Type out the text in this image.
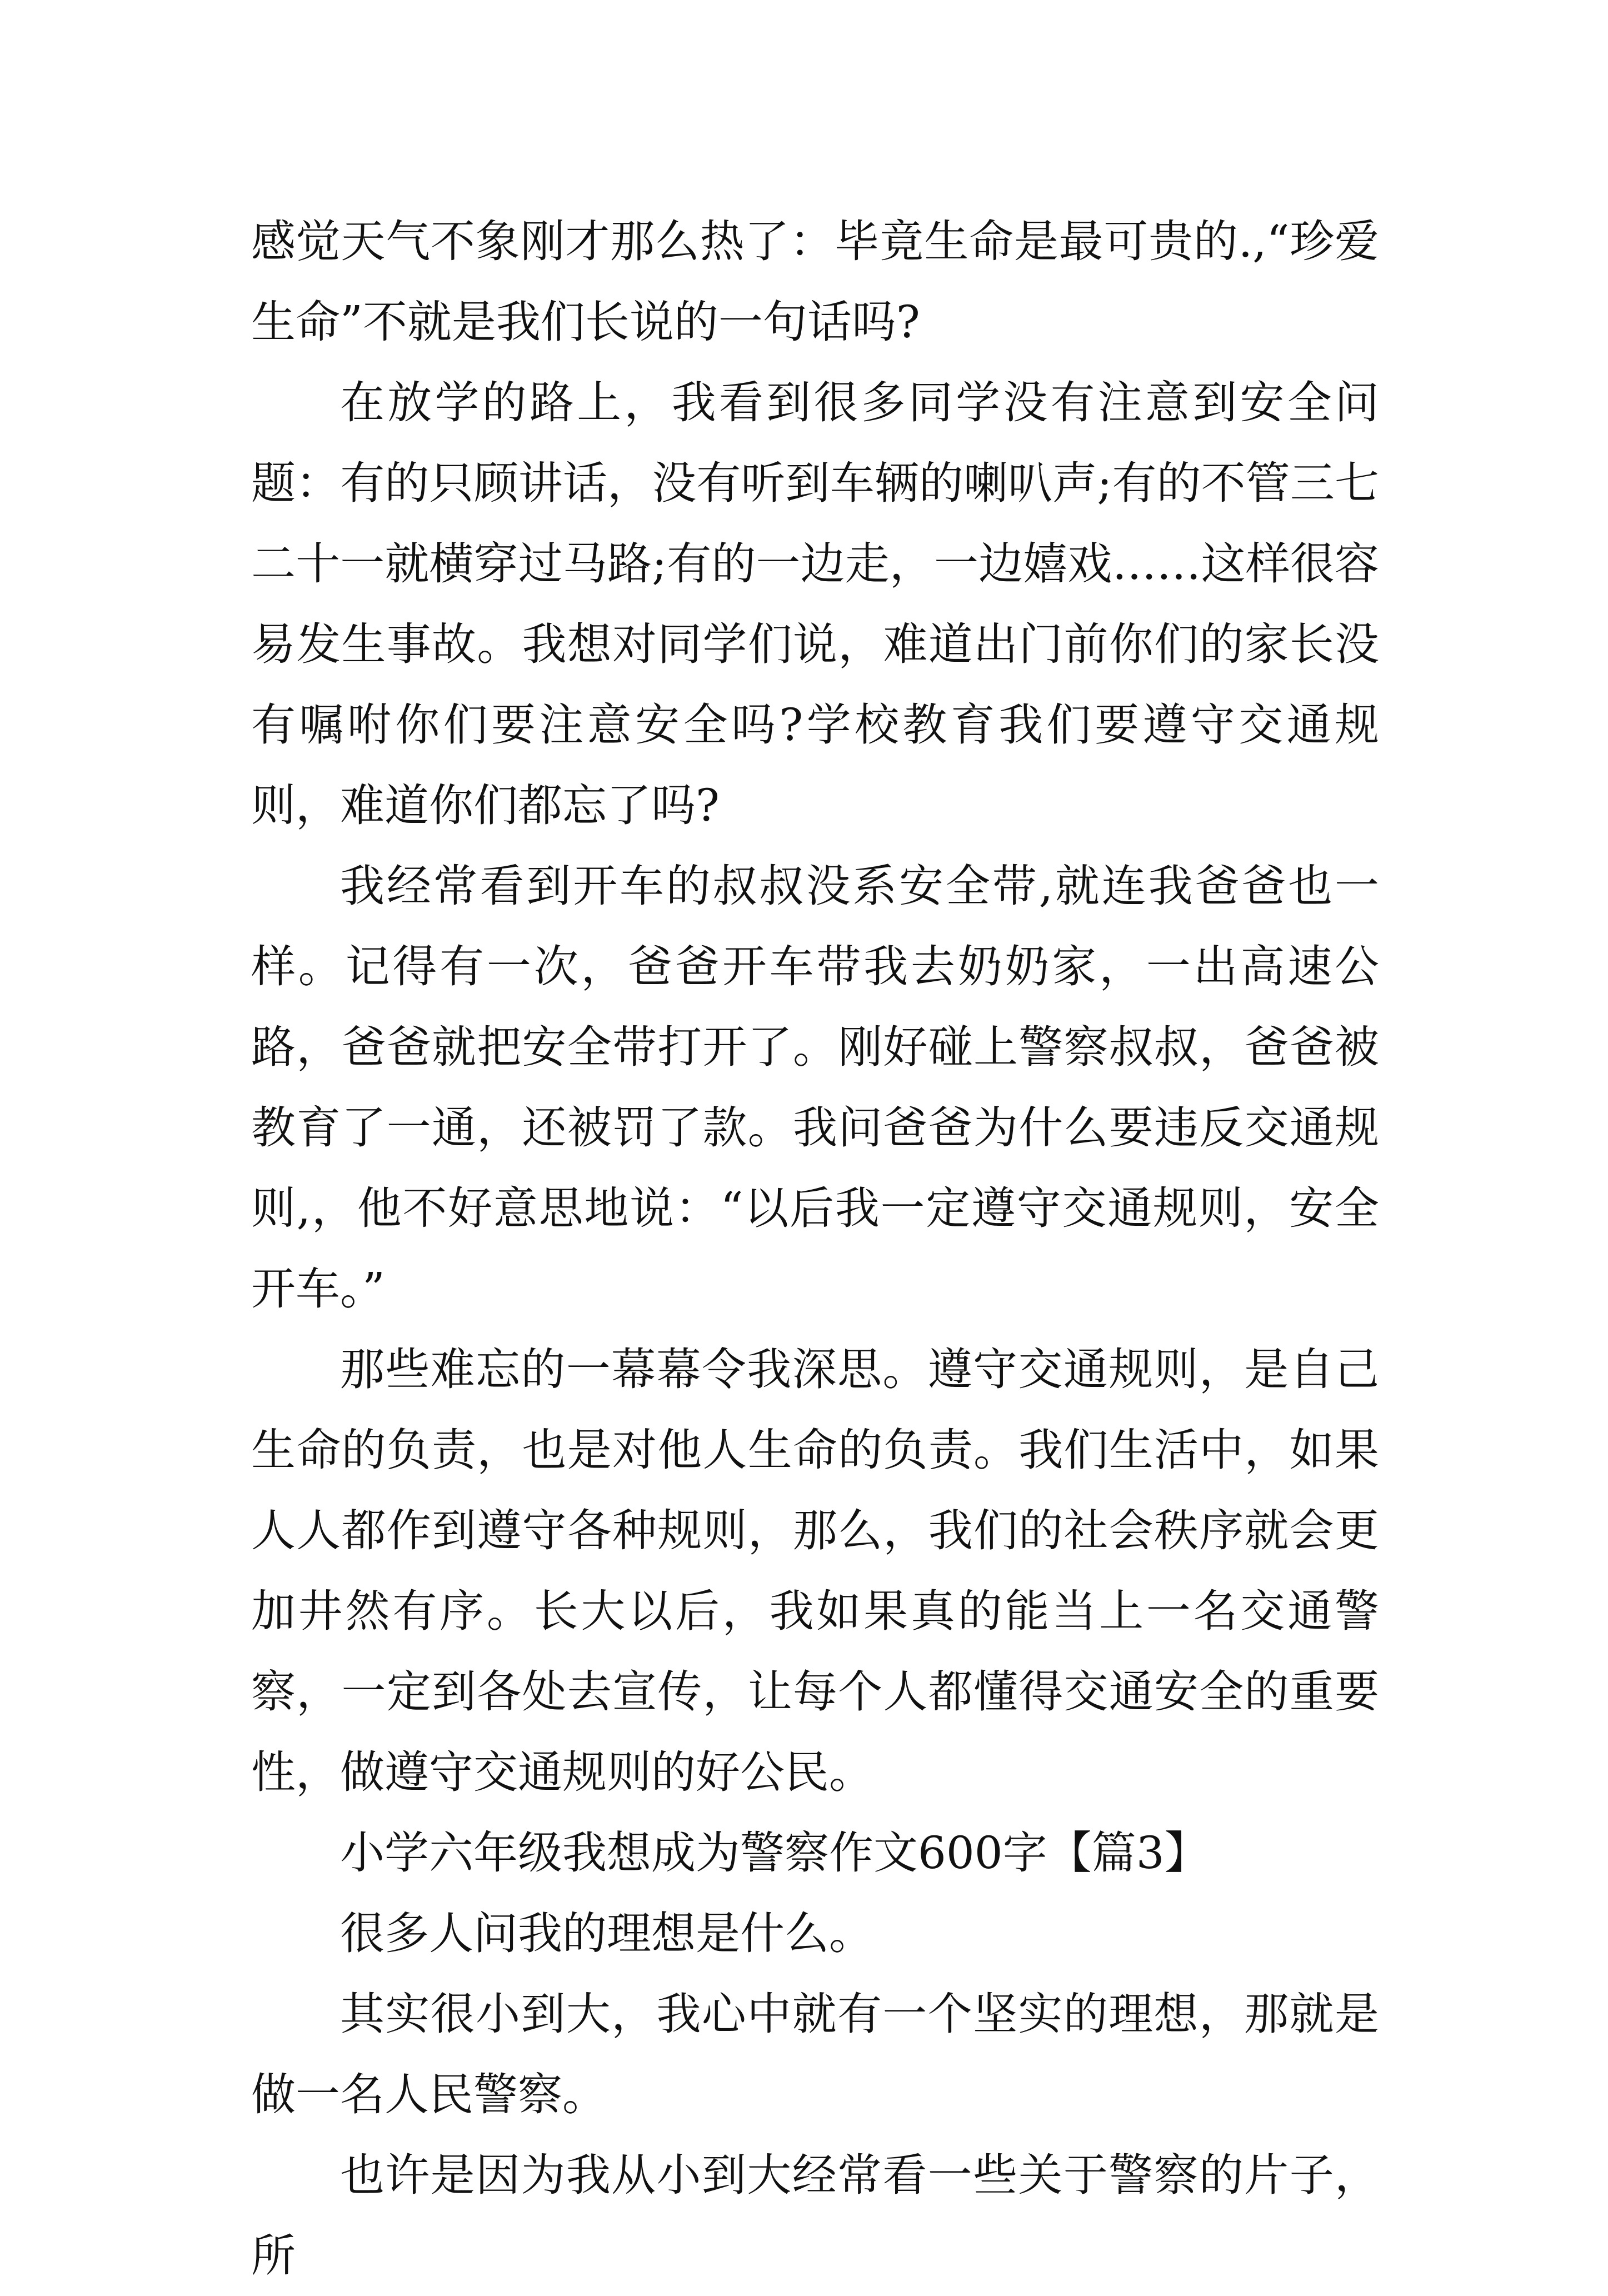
感觉天气不象刚才那么热了：毕竟生命是最可贵的.,“珍爱生命”不就是我们长说的一句话吗?

在放学的路上，我看到很多同学没有注意到安全问题：有的只顾讲话，没有听到车辆的喇叭声;有的不管三七二十一就横穿过马路;有的一边走，一边嬉戏……这样很容易发生事故。我想对同学们说，难道出门前你们的家长没有嘱咐你们要注意安全吗?学校教育我们要遵守交通规则，难道你们都忘了吗?

我经常看到开车的叔叔没系安全带,就连我爸爸也一样。记得有一次，爸爸开车带我去奶奶家，一出高速公路，爸爸就把安全带打开了。刚好碰上警察叔叔，爸爸被教育了一通，还被罚了款。我问爸爸为什么要违反交通规则,，他不好意思地说：“以后我一定遵守交通规则，安全开车。”

那些难忘的一幕幕令我深思。遵守交通规则，是自己生命的负责，也是对他人生命的负责。我们生活中，如果人人都作到遵守各种规则，那么，我们的社会秩序就会更加井然有序。长大以后，我如果真的能当上一名交通警察，一定到各处去宣传，让每个人都懂得交通安全的重要性，做遵守交通规则的好公民。

小学六年级我想成为警察作文600字【篇3】

很多人问我的理想是什么。

其实很小到大，我心中就有一个坚实的理想，那就是做一名人民警察。

也许是因为我从小到大经常看一些关于警察的片子，所
